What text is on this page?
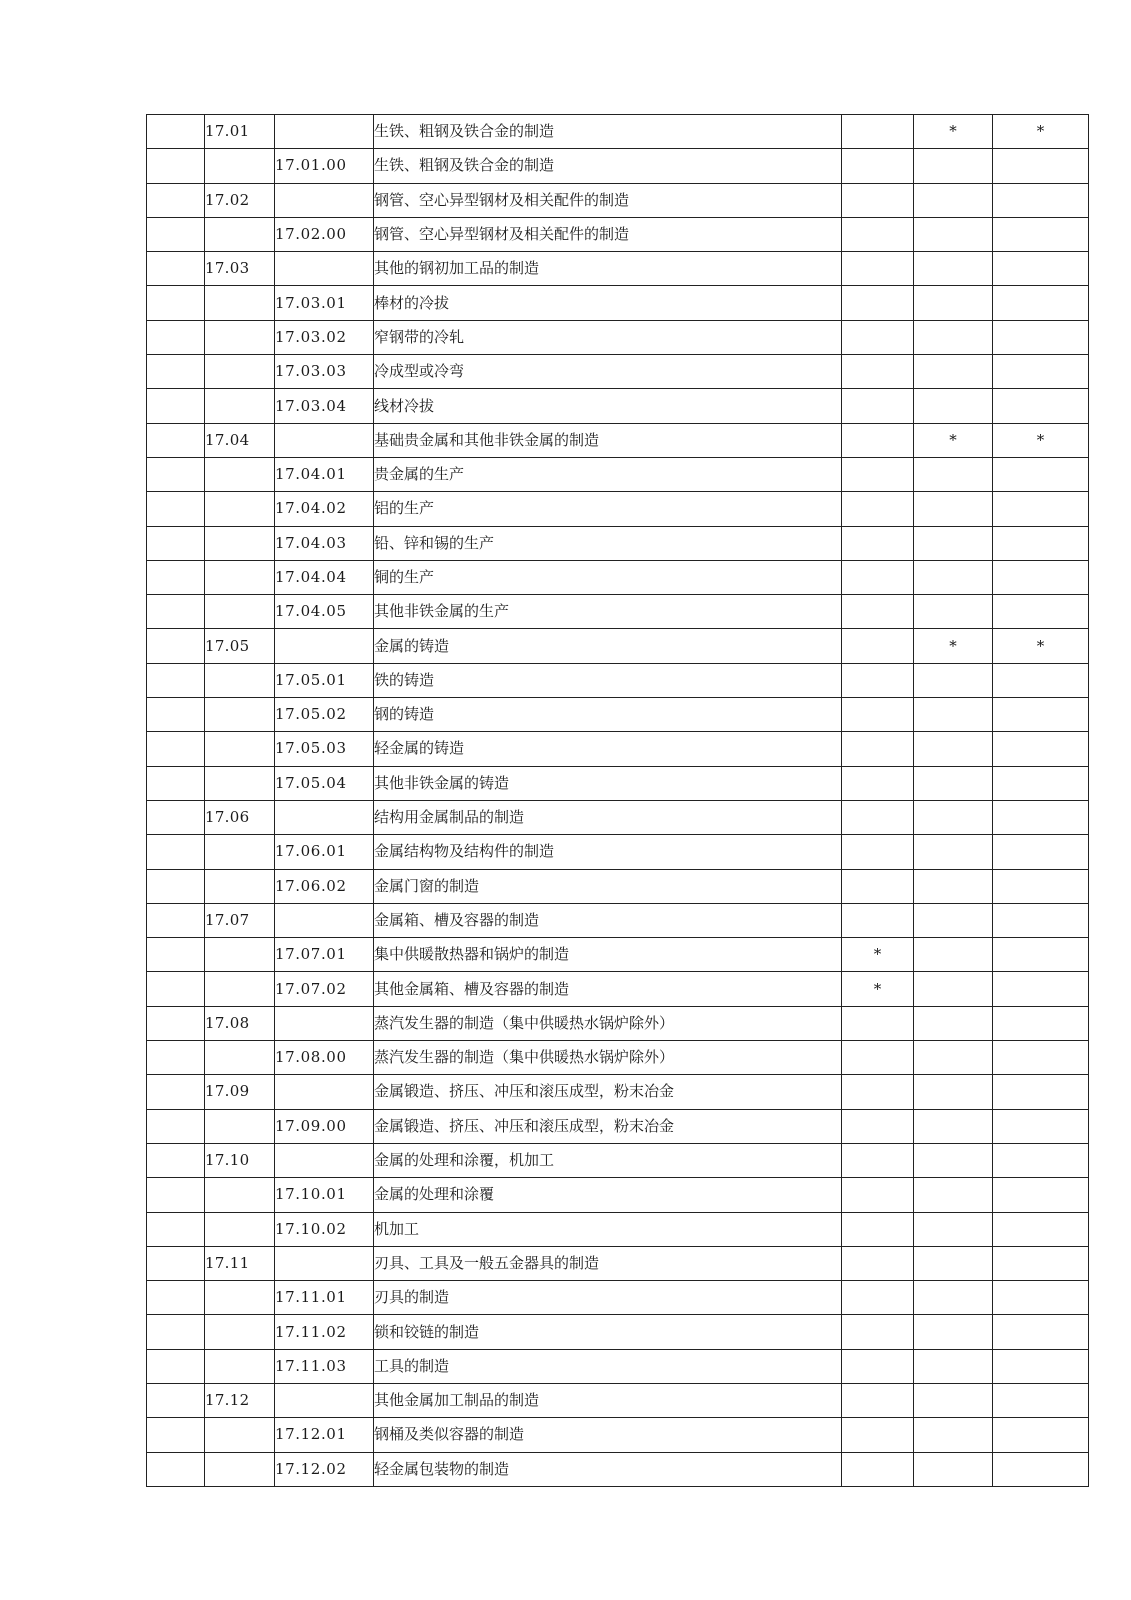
	17.01		生铁、粗钢及铁合金的制造		*	*
		17.01.00	生铁、粗钢及铁合金的制造			
	17.02		钢管、空心异型钢材及相关配件的制造			
		17.02.00	钢管、空心异型钢材及相关配件的制造			
	17.03		其他的钢初加工品的制造			
		17.03.01	棒材的冷拔			
		17.03.02	窄钢带的冷轧			
		17.03.03	冷成型或冷弯			
		17.03.04	线材冷拔			
	17.04		基础贵金属和其他非铁金属的制造		*	*
		17.04.01	贵金属的生产			
		17.04.02	铝的生产			
		17.04.03	铅、锌和锡的生产			
		17.04.04	铜的生产			
		17.04.05	其他非铁金属的生产			
	17.05		金属的铸造		*	*
		17.05.01	铁的铸造			
		17.05.02	钢的铸造			
		17.05.03	轻金属的铸造			
		17.05.04	其他非铁金属的铸造			
	17.06		结构用金属制品的制造			
		17.06.01	金属结构物及结构件的制造			
		17.06.02	金属门窗的制造			
	17.07		金属箱、槽及容器的制造			
		17.07.01	集中供暖散热器和锅炉的制造	*		
		17.07.02	其他金属箱、槽及容器的制造	*		
	17.08		蒸汽发生器的制造（集中供暖热水锅炉除外）			
		17.08.00	蒸汽发生器的制造（集中供暖热水锅炉除外）			
	17.09		金属锻造、挤压、冲压和滚压成型，粉末冶金			
		17.09.00	金属锻造、挤压、冲压和滚压成型，粉末冶金			
	17.10		金属的处理和涂覆，机加工			
		17.10.01	金属的处理和涂覆			
		17.10.02	机加工			
	17.11		刃具、工具及一般五金器具的制造			
		17.11.01	刃具的制造			
		17.11.02	锁和铰链的制造			
		17.11.03	工具的制造			
	17.12		其他金属加工制品的制造			
		17.12.01	钢桶及类似容器的制造			
		17.12.02	轻金属包装物的制造			
